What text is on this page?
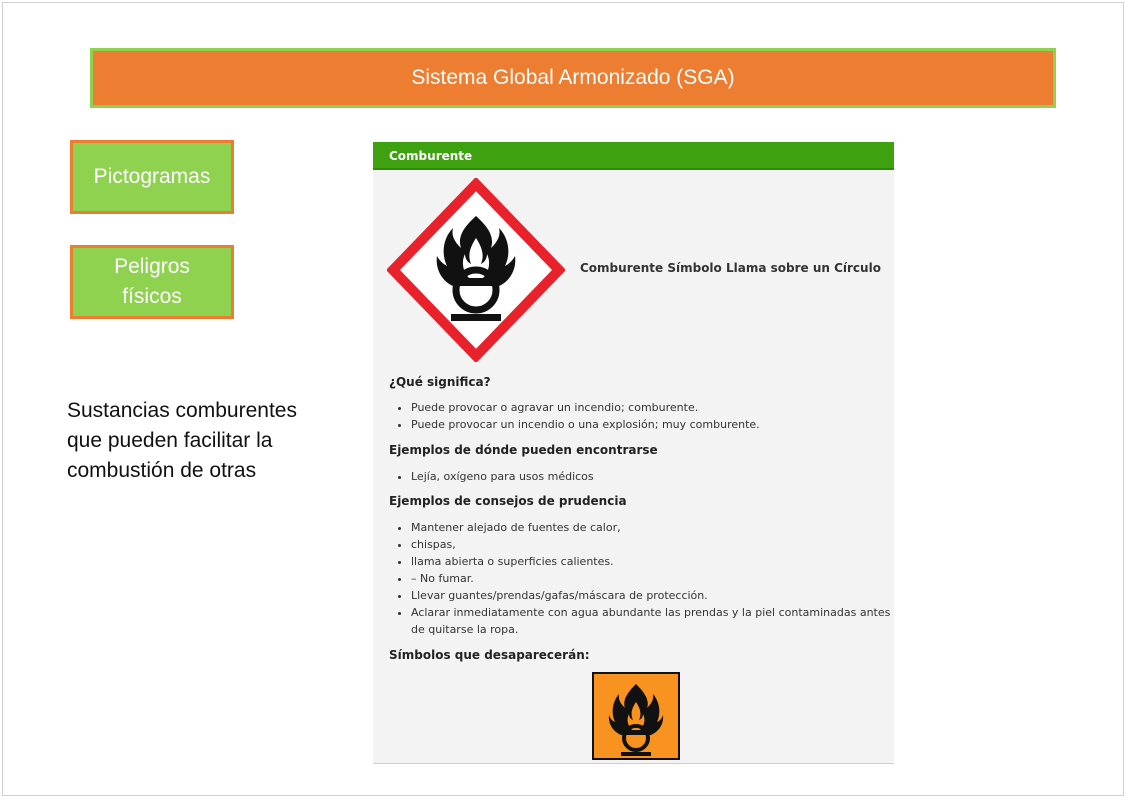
Sistema Global Armonizado (SGA)
Pictogramas
Peligros
físicos
Sustancias comburentes
que pueden facilitar la
combustión de otras
Comburente
Comburente Símbolo Llama sobre un Círculo
¿Qué significa?
• Puede provocar o agravar un incendio; comburente.
• Puede provocar un incendio o una explosión; muy comburente.
Ejemplos de dónde pueden encontrarse
• Lejía, oxígeno para usos médicos
Ejemplos de consejos de prudencia
• Mantener alejado de fuentes de calor,
• chispas,
• llama abierta o superficies calientes.
• – No fumar.
• Llevar guantes/prendas/gafas/máscara de protección.
• Aclarar inmediatamente con agua abundante las prendas y la piel contaminadas antes
de quitarse la ropa.
Símbolos que desaparecerán:
